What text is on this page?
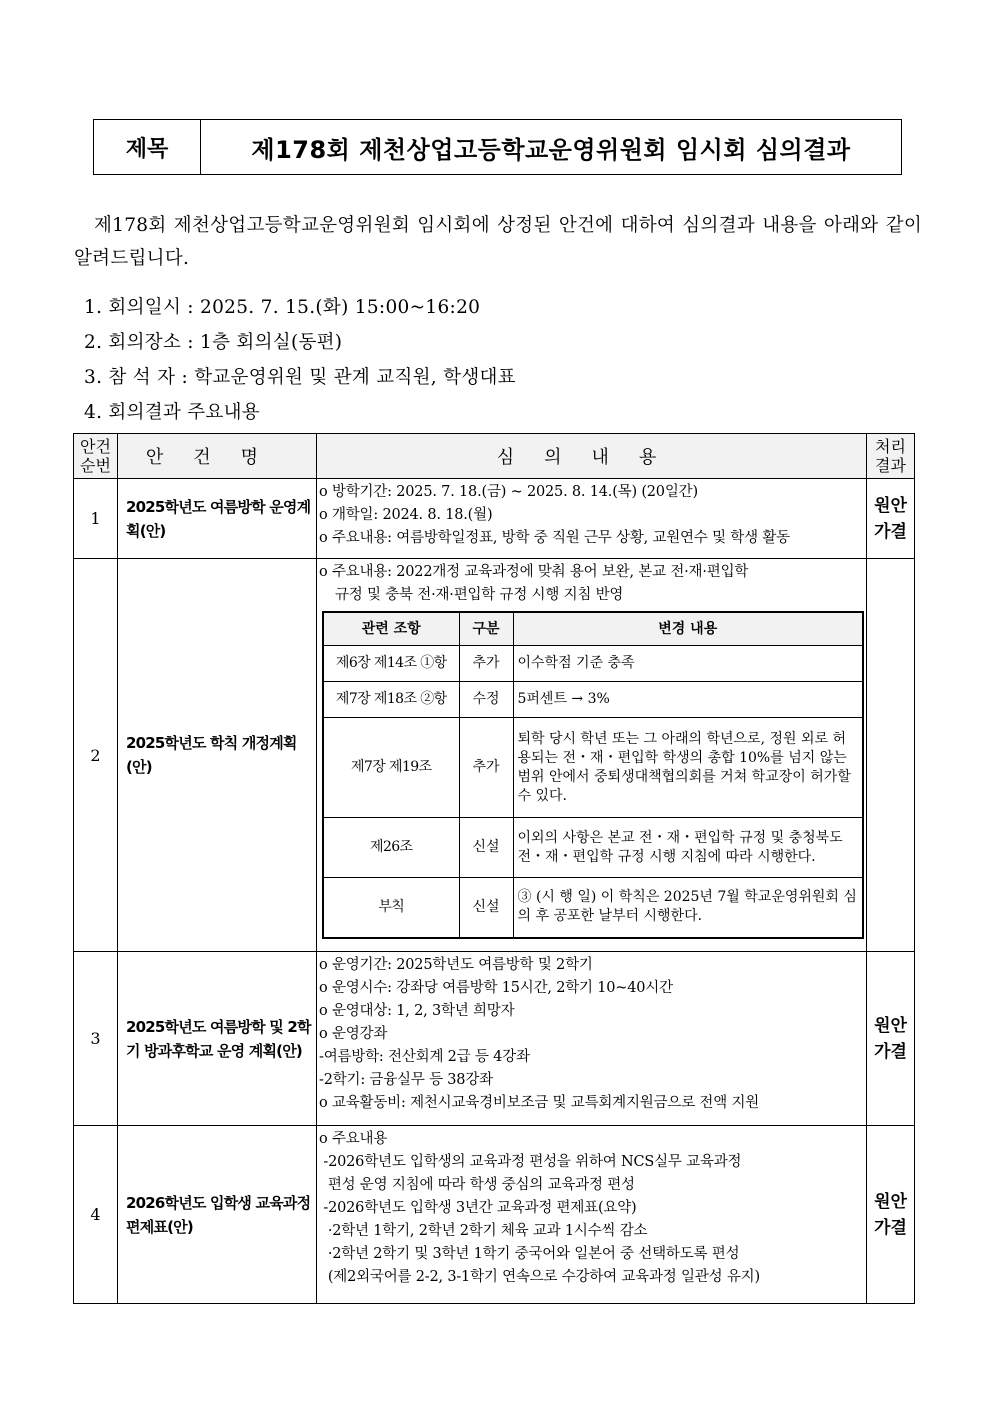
제목	제178회 제천상업고등학교운영위원회 임시회 심의결과
제178회 제천상업고등학교운영위원회 임시회에 상정된 안건에 대하여 심의결과 내용을 아래와 같이 알려드립니다.
1. 회의일시 : 2025. 7. 15.(화) 15:00~16:20
2. 회의장소 : 1층 회의실(동편)
3. 참 석 자 : 학교운영위원 및 관계 교직원, 학생대표
4. 회의결과 주요내용
안건
순번	안건명	심의내용	처리
결과
1	2025학년도 여름방학 운영계획(안)	
o 방학기간: 2025. 7. 18.(금) ~ 2025. 8. 14.(목) (20일간)
o 개학일: 2024. 8. 18.(월)
o 주요내용: 여름방학일정표, 방학 중 직원 근무 상황, 교원연수 및 학생 활동
	원안
가결
2	2025학년도 학칙 개정계획(안)	
o 주요내용: 2022개정 교육과정에 맞춰 용어 보완, 본교 전·재·편입학
규정 및 충북 전·재·편입학 규정 시행 지침 반영
관련 조항	구분	변경 내용
제6장 제14조 ①항	추가	이수학점 기준 충족
제7장 제18조 ②항	수정	5퍼센트 → 3%
제7장 제19조	추가	퇴학 당시 학년 또는 그 아래의 학년으로, 정원 외로 허용되는 전・재・편입학 학생의 총합 10%를 넘지 않는 범위 안에서 중퇴생대책협의회를 거쳐 학교장이 허가할 수 있다.
제26조	신설	이외의 사항은 본교 전・재・편입학 규정 및 충청북도 전・재・편입학 규정 시행 지침에 따라 시행한다.
부칙	신설	③ (시 행 일) 이 학칙은 2025년 7월 학교운영위원회 심의 후 공포한 날부터 시행한다.

3	2025학년도 여름방학 및 2학기 방과후학교 운영 계획(안)	
o 운영기간: 2025학년도 여름방학 및 2학기
o 운영시수: 강좌당 여름방학 15시간, 2학기 10~40시간
o 운영대상: 1, 2, 3학년 희망자
o 운영강좌
-여름방학: 전산회계 2급 등 4강좌
-2학기: 금융실무 등 38강좌
o 교육활동비: 제천시교육경비보조금 및 교특회계지원금으로 전액 지원
	원안
가결
4	2026학년도 입학생 교육과정 편제표(안)	
o 주요내용
-2026학년도 입학생의 교육과정 편성을 위하여 NCS실무 교육과정
편성 운영 지침에 따라 학생 중심의 교육과정 편성
-2026학년도 입학생 3년간 교육과정 편제표(요약)
·2학년 1학기, 2학년 2학기 체육 교과 1시수씩 감소
·2학년 2학기 및 3학년 1학기 중국어와 일본어 중 선택하도록 편성
(제2외국어를 2-2, 3-1학기 연속으로 수강하여 교육과정 일관성 유지)
	원안
가결
